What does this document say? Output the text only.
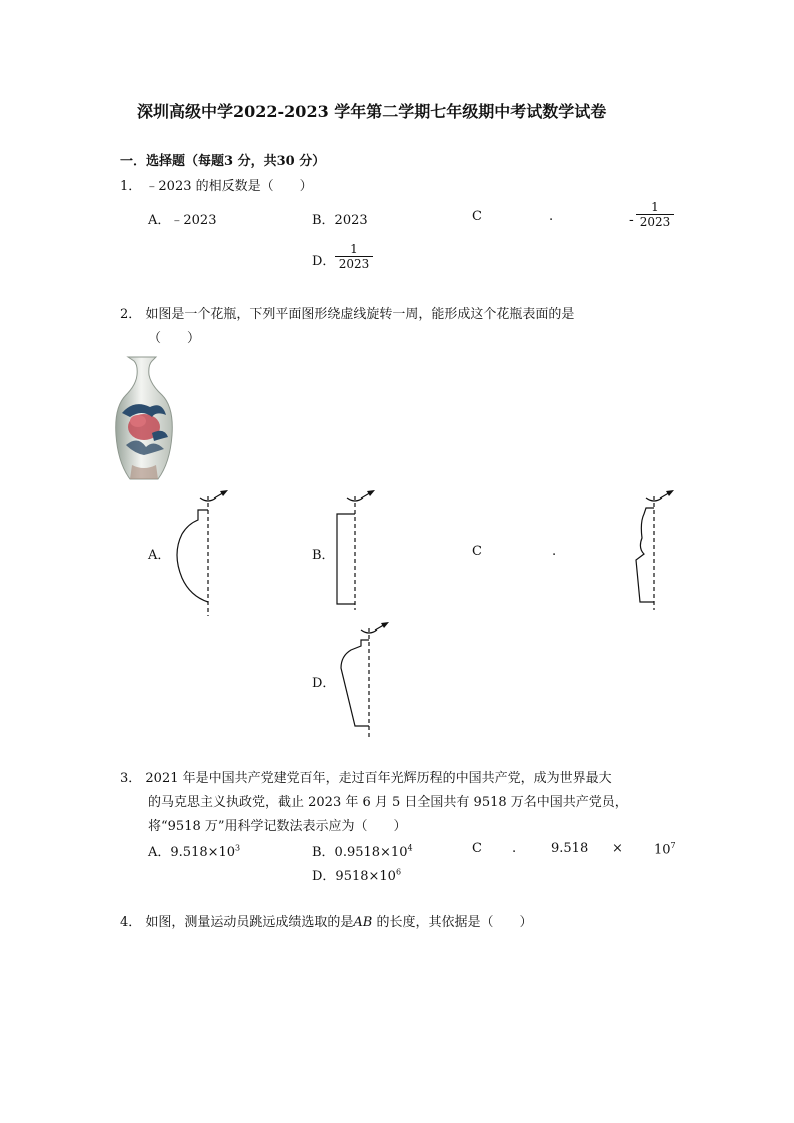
深圳高级中学2022-2023 学年第二学期七年级期中考试数学试卷
一．选择题（每题3 分，共30 分）
1． ﹣2023 的相反数是（　　）
A．﹣2023	B．2023	C	.	- $\frac{1}{2023}$
D． $\frac{1}{2023}$
2． 如图是一个花瓶，下列平面图形绕虚线旋转一周，能形成这个花瓶表面的是
（　　）
A．	B．	C	.
D．
3． 2021 年是中国共产党建党百年，走过百年光辉历程的中国共产党，成为世界最大
的马克思主义执政党，截止 2023 年 6 月 5 日全国共有 9518 万名中国共产党员，
将“9518 万”用科学记数法表示应为（　　）
A．$9.518\times 10^3$	B．$0.9518\times 10^4$	C .	$9.518 \times 10^7$
D．$9518\times 10^6$
4． 如图，测量运动员跳远成绩选取的是AB 的长度，其依据是（　　）
